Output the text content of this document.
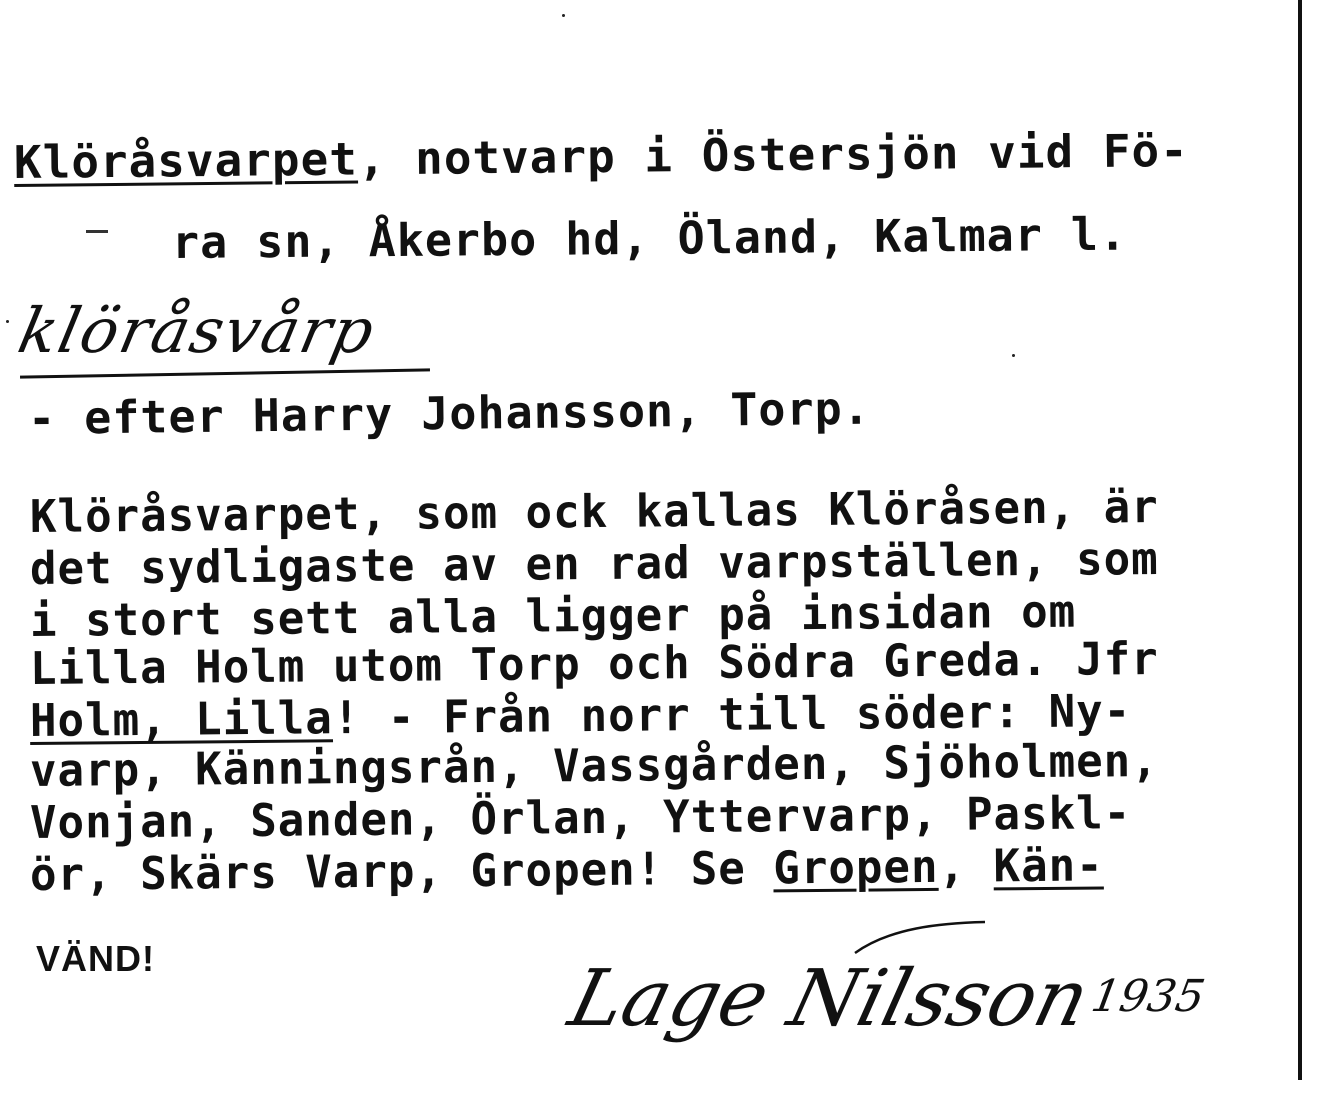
Klöråsvarpet, notvarp i Östersjön vid Fö-
ra sn, Åkerbo hd, Öland, Kalmar l.
klöråsvårp
- efter Harry Johansson, Torp.
Klöråsvarpet, som ock kallas Klöråsen, är
det sydligaste av en rad varpställen, som
i stort sett alla ligger på insidan om
Lilla Holm utom Torp och Södra Greda. Jfr
Holm, Lilla! - Från norr till söder: Ny-
varp, Känningsrån, Vassgården, Sjöholmen,
Vonjan, Sanden, Örlan, Yttervarp, Paskl-
ör, Skärs Varp, Gropen! Se Gropen, Kän-
VÄND!	Lage Nilsson
1935
